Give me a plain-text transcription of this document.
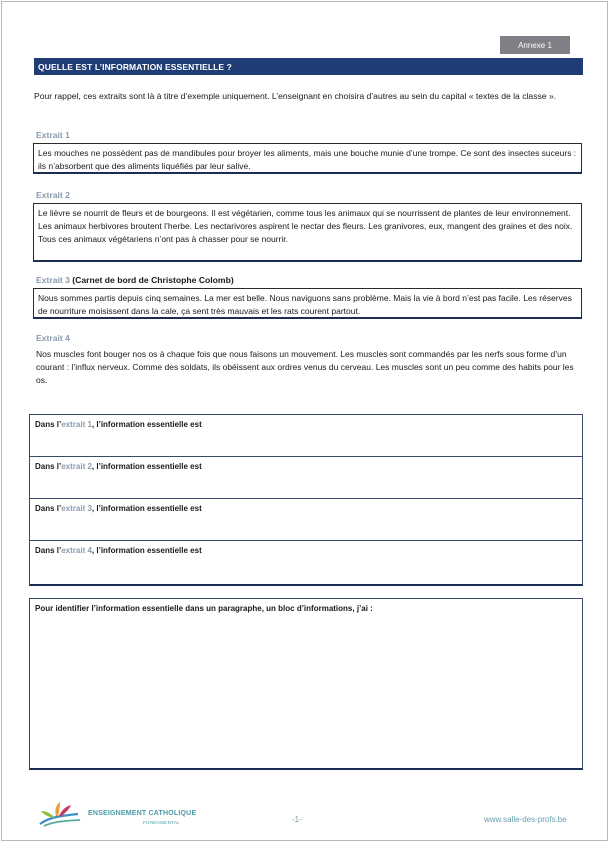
Annexe 1
QUELLE EST L’INFORMATION ESSENTIELLE ?
Pour rappel, ces extraits sont là à titre d’exemple uniquement. L’enseignant en choisira d’autres au sein du capital « textes de la classe ».
Extrait 1
Les mouches ne possèdent pas de mandibules pour broyer les aliments, mais une bouche munie d’une trompe. Ce sont des insectes suceurs : ils n’absorbent que des aliments liquéfiés par leur salive.
Extrait 2
Le lièvre se nourrit de fleurs et de bourgeons. Il est végétarien, comme tous les animaux qui se nourrissent de plantes de leur environnement. Les animaux herbivores broutent l’herbe. Les nectarivores aspirent le nectar des fleurs. Les granivores, eux, mangent des graines et des noix. Tous ces animaux végétariens n’ont pas à chasser pour se nourrir.
Extrait 3 (Carnet de bord de Christophe Colomb)
Nous sommes partis depuis cinq semaines. La mer est belle. Nous naviguons sans problème. Mais la vie à bord n’est pas facile. Les réserves de nourriture moisissent dans la cale, ça sent très mauvais et les rats courent partout.
Extrait 4
Nos muscles font bouger nos os à chaque fois que nous faisons un mouvement. Les muscles sont commandés par les nerfs sous forme d’un courant : l’influx nerveux. Comme des soldats, ils obéissent aux ordres venus du cerveau. Les muscles sont un peu comme des habits pour les os.
Dans l’extrait 1, l’information essentielle est
Dans l’extrait 2, l’information essentielle est
Dans l’extrait 3, l’information essentielle est
Dans l’extrait 4, l’information essentielle est
Pour identifier l’information essentielle dans un paragraphe, un bloc d’informations, j’ai :
ENSEIGNEMENT CATHOLIQUE
FONDAMENTAL	-1-	www.salle-des-profs.be
